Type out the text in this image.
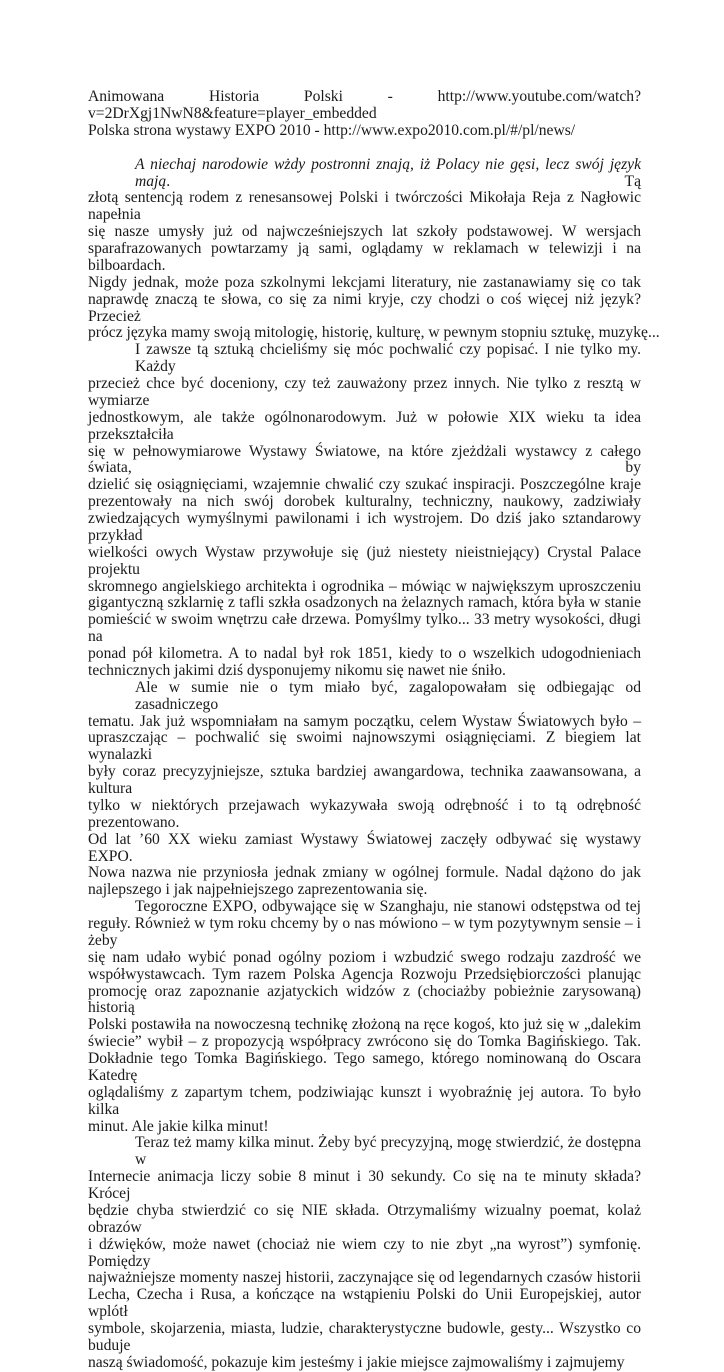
Animowana Historia Polski - http://www.youtube.com/watch?
v=2DrXgj1NwN8&feature=player_embedded
Polska strona wystawy EXPO 2010 - http://www.expo2010.com.pl/#/pl/news/
A niechaj narodowie wżdy postronni znają, iż Polacy nie gęsi, lecz swój język mają. Tą
złotą sentencją rodem z renesansowej Polski i twórczości Mikołaja Reja z Nagłowic napełnia
się nasze umysły już od najwcześniejszych lat szkoły podstawowej. W wersjach
sparafrazowanych powtarzamy ją sami, oglądamy w reklamach w telewizji i na bilboardach.
Nigdy jednak, może poza szkolnymi lekcjami literatury, nie zastanawiamy się co tak
naprawdę znaczą te słowa, co się za nimi kryje, czy chodzi o coś więcej niż język? Przecież
prócz języka mamy swoją mitologię, historię, kulturę, w pewnym stopniu sztukę, muzykę...
I zawsze tą sztuką chcieliśmy się móc pochwalić czy popisać. I nie tylko my. Każdy
przecież chce być doceniony, czy też zauważony przez innych. Nie tylko z resztą w wymiarze
jednostkowym, ale także ogólnonarodowym. Już w połowie XIX wieku ta idea przekształciła
się w pełnowymiarowe Wystawy Światowe, na które zjeżdżali wystawcy z całego świata, by
dzielić się osiągnięciami, wzajemnie chwalić czy szukać inspiracji. Poszczególne kraje
prezentowały na nich swój dorobek kulturalny, techniczny, naukowy, zadziwiały
zwiedzających wymyślnymi pawilonami i ich wystrojem. Do dziś jako sztandarowy przykład
wielkości owych Wystaw przywołuje się (już niestety nieistniejący) Crystal Palace projektu
skromnego angielskiego architekta i ogrodnika – mówiąc w największym uproszczeniu
gigantyczną szklarnię z tafli szkła osadzonych na żelaznych ramach, która była w stanie
pomieścić w swoim wnętrzu całe drzewa. Pomyślmy tylko... 33 metry wysokości, długi na
ponad pół kilometra. A to nadal był rok 1851, kiedy to o wszelkich udogodnieniach
technicznych jakimi dziś dysponujemy nikomu się nawet nie śniło.
Ale w sumie nie o tym miało być, zagalopowałam się odbiegając od zasadniczego
tematu. Jak już wspomniałam na samym początku, celem Wystaw Światowych było –
upraszczając – pochwalić się swoimi najnowszymi osiągnięciami. Z biegiem lat wynalazki
były coraz precyzyjniejsze, sztuka bardziej awangardowa, technika zaawansowana, a kultura
tylko w niektórych przejawach wykazywała swoją odrębność i to tą odrębność prezentowano.
Od lat ’60 XX wieku zamiast Wystawy Światowej zaczęły odbywać się wystawy EXPO.
Nowa nazwa nie przyniosła jednak zmiany w ogólnej formule. Nadal dążono do jak
najlepszego i jak najpełniejszego zaprezentowania się.
Tegoroczne EXPO, odbywające się w Szanghaju, nie stanowi odstępstwa od tej
reguły. Również w tym roku chcemy by o nas mówiono – w tym pozytywnym sensie – i żeby
się nam udało wybić ponad ogólny poziom i wzbudzić swego rodzaju zazdrość we
współwystawcach. Tym razem Polska Agencja Rozwoju Przedsiębiorczości planując
promocję oraz zapoznanie azjatyckich widzów z (chociażby pobieżnie zarysowaną) historią
Polski postawiła na nowoczesną technikę złożoną na ręce kogoś, kto już się w „dalekim
świecie” wybił – z propozycją współpracy zwrócono się do Tomka Bagińskiego. Tak.
Dokładnie tego Tomka Bagińskiego. Tego samego, którego nominowaną do Oscara Katedrę
oglądaliśmy z zapartym tchem, podziwiając kunszt i wyobraźnię jej autora. To było kilka
minut. Ale jakie kilka minut!
Teraz też mamy kilka minut. Żeby być precyzyjną, mogę stwierdzić, że dostępna w
Internecie animacja liczy sobie 8 minut i 30 sekundy. Co się na te minuty składa? Krócej
będzie chyba stwierdzić co się NIE składa. Otrzymaliśmy wizualny poemat, kolaż obrazów
i dźwięków, może nawet (chociaż nie wiem czy to nie zbyt „na wyrost”) symfonię. Pomiędzy
najważniejsze momenty naszej historii, zaczynające się od legendarnych czasów historii
Lecha, Czecha i Rusa, a kończące na wstąpieniu Polski do Unii Europejskiej, autor wplótł
symbole, skojarzenia, miasta, ludzie, charakterystyczne budowle, gesty... Wszystko co buduje
naszą świadomość, pokazuje kim jesteśmy i jakie miejsce zajmowaliśmy i zajmujemy
